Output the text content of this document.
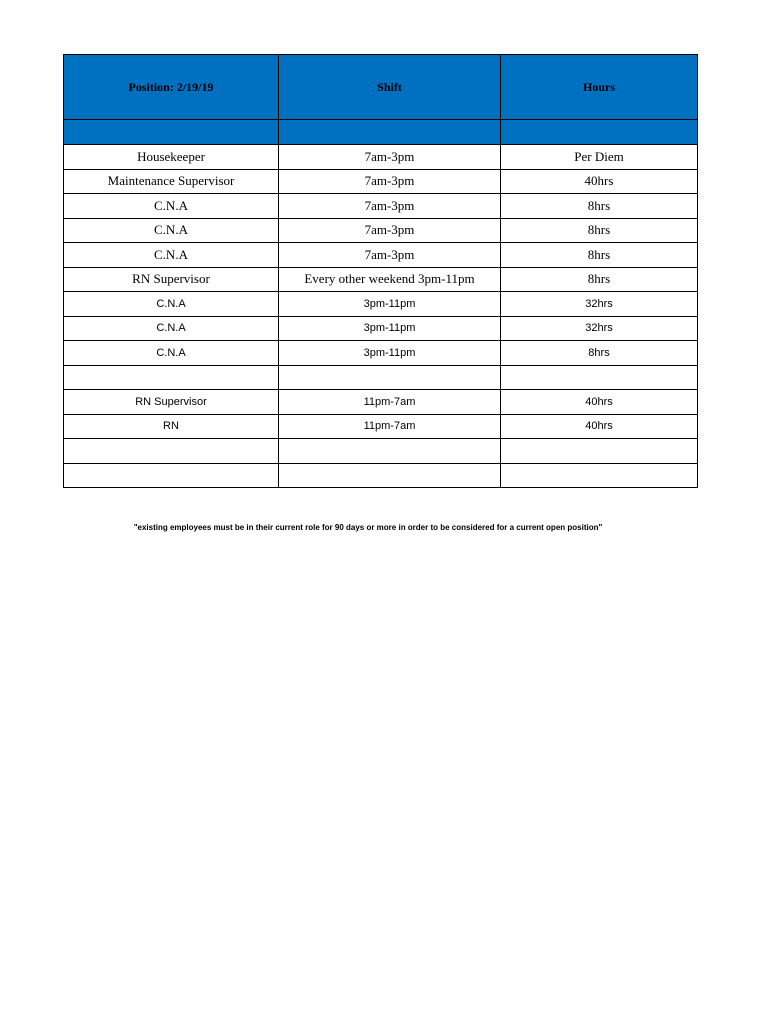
Position: 2/19/19	Shift	Hours

Housekeeper	7am-3pm	Per Diem
Maintenance Supervisor	7am-3pm	40hrs
C.N.A	7am-3pm	8hrs
C.N.A	7am-3pm	8hrs
C.N.A	7am-3pm	8hrs
RN Supervisor	Every other weekend 3pm-11pm	8hrs
C.N.A	3pm-11pm	32hrs
C.N.A	3pm-11pm	32hrs
C.N.A	3pm-11pm	8hrs

RN Supervisor	11pm-7am	40hrs
RN	11pm-7am	40hrs

"existing employees must be in their current role for 90 days or more in order to be considered for a current open position"
